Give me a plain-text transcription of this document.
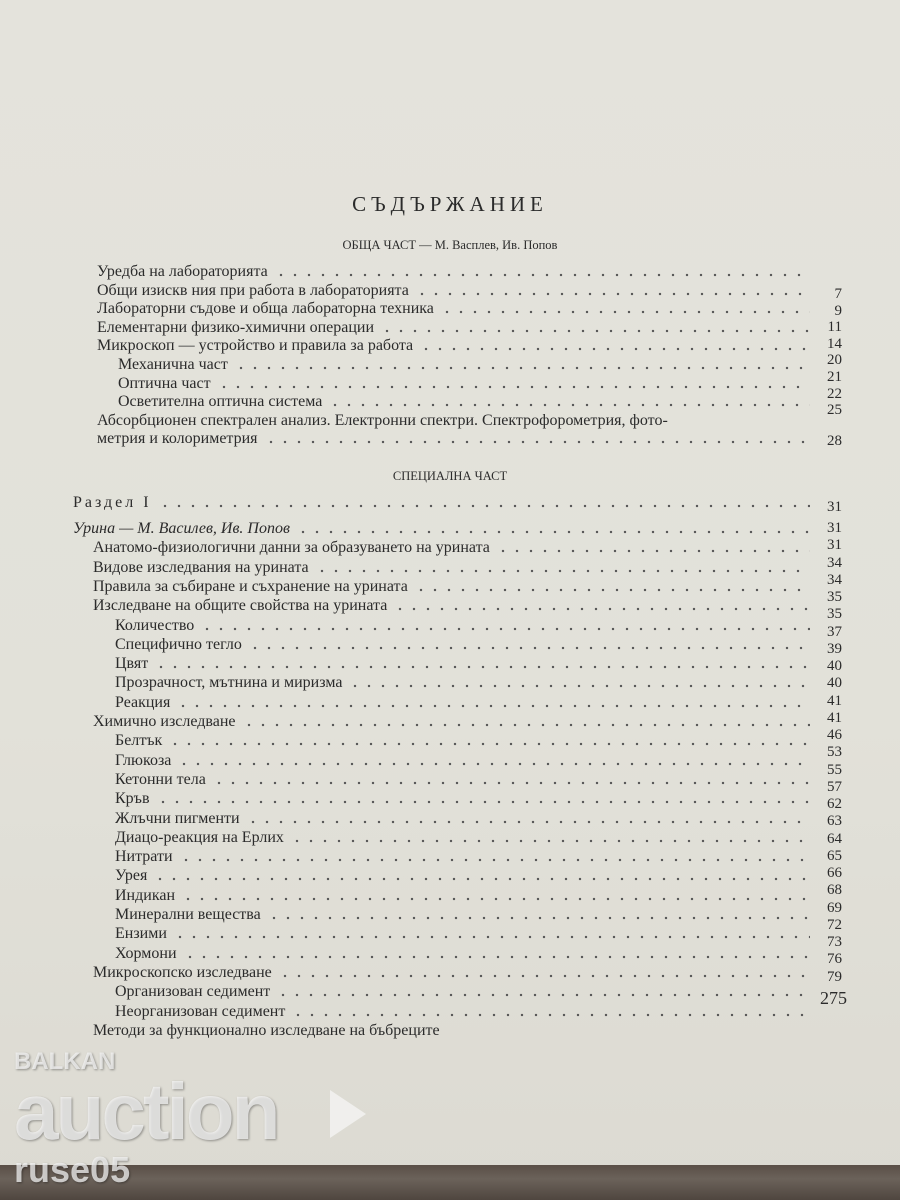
СЪДЪРЖАНИЕ
ОБЩА ЧАСТ — М. Васплев, Ив. Попов
Уредба на лабораторията
Общи изискв ния при работа в лабораторията
Лабораторни съдове и обща лабораторна техника
Елементарни физико-химични операции
Микроскоп — устройство и правила за работа
Механична част
Оптична част
Осветителна оптична система
Абсорбционен спектрален анализ. Електронни спектри. Спектрофорометрия, фото-
метрия и колориметрия
7
9
11
14
20
21
22
25
28
СПЕЦИАЛНА ЧАСТ
Раздел I	31
Урина — М. Василев, Ив. Попов
Анатомо-физиологични данни за образуването на урината
Видове изследвания на урината
Правила за събиране и съхранение на урината
Изследване на общите свойства на урината
Количество
Специфично тегло
Цвят
Прозрачност, мътнина и миризма
Реакция
Химично изследване
Белтък
Глюкоза
Кетонни тела
Кръв
Жлъчни пигменти
Диацо-реакция на Ерлих
Нитрати
Урея
Индикан
Минерални вещества
Ензими
Хормони
Микроскопско изследване
Организован седимент
Неорганизован седимент
Методи за функционално изследване на бъбреците
31
31
34
34
35
35
37
39
40
40
41
41
46
53
55
57
62
63
64
65
66
68
69
72
73
76
79
275
BALKAN
auction
ruse05
